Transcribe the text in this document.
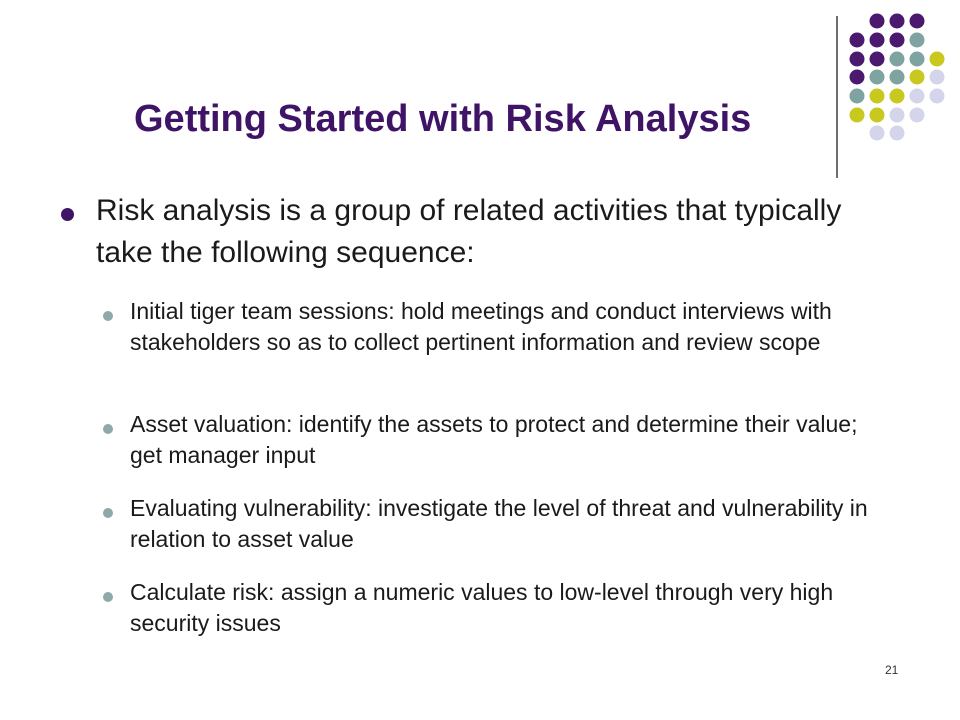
Getting Started with Risk Analysis
Risk analysis is a group of related activities that typically take the following sequence:
Initial tiger team sessions: hold meetings and conduct interviews with stakeholders so as to collect pertinent information and review scope
Asset valuation: identify the assets to protect and determine their value; get manager input
Evaluating vulnerability: investigate the level of threat and vulnerability in relation to asset value
Calculate risk: assign a numeric values to low-level through very high security issues
21
